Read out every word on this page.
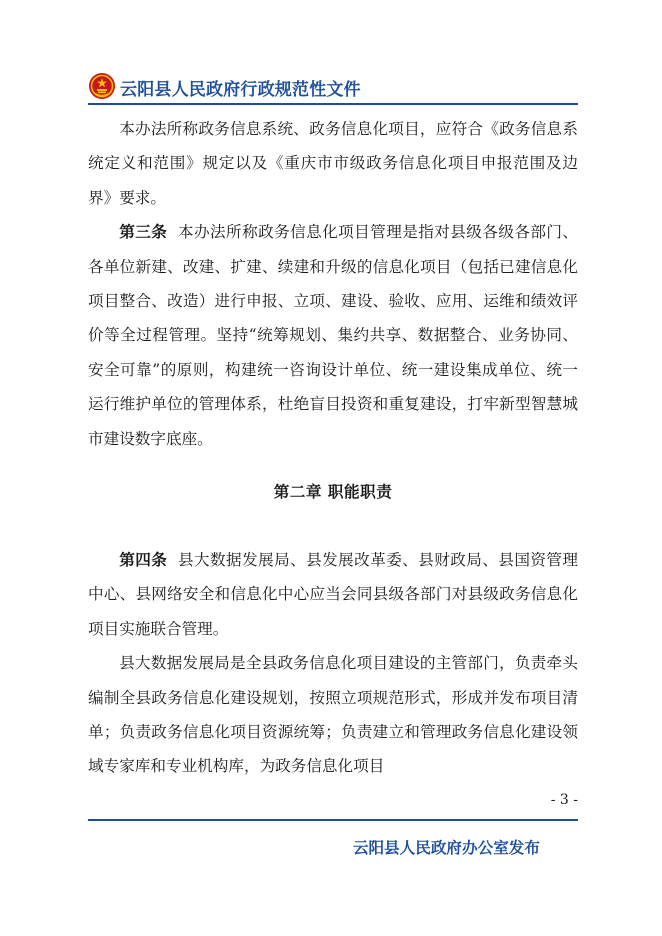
云阳县人民政府行政规范性文件

本办法所称政务信息系统、政务信息化项目，应符合《政务信息系统定义和范围》规定以及《重庆市市级政务信息化项目申报范围及边界》要求。

第三条  本办法所称政务信息化项目管理是指对县级各级各部门、各单位新建、改建、扩建、续建和升级的信息化项目（包括已建信息化项目整合、改造）进行申报、立项、建设、验收、应用、运维和绩效评价等全过程管理。坚持“统筹规划、集约共享、数据整合、业务协同、安全可靠”的原则，构建统一咨询设计单位、统一建设集成单位、统一运行维护单位的管理体系，杜绝盲目投资和重复建设，打牢新型智慧城市建设数字底座。

第二章 职能职责

第四条  县大数据发展局、县发展改革委、县财政局、县国资管理中心、县网络安全和信息化中心应当会同县级各部门对县级政务信息化项目实施联合管理。

县大数据发展局是全县政务信息化项目建设的主管部门，负责牵头编制全县政务信息化建设规划，按照立项规范形式，形成并发布项目清单；负责政务信息化项目资源统筹；负责建立和管理政务信息化建设领域专家库和专业机构库，为政务信息化项目

- 3 -
云阳县人民政府办公室发布
